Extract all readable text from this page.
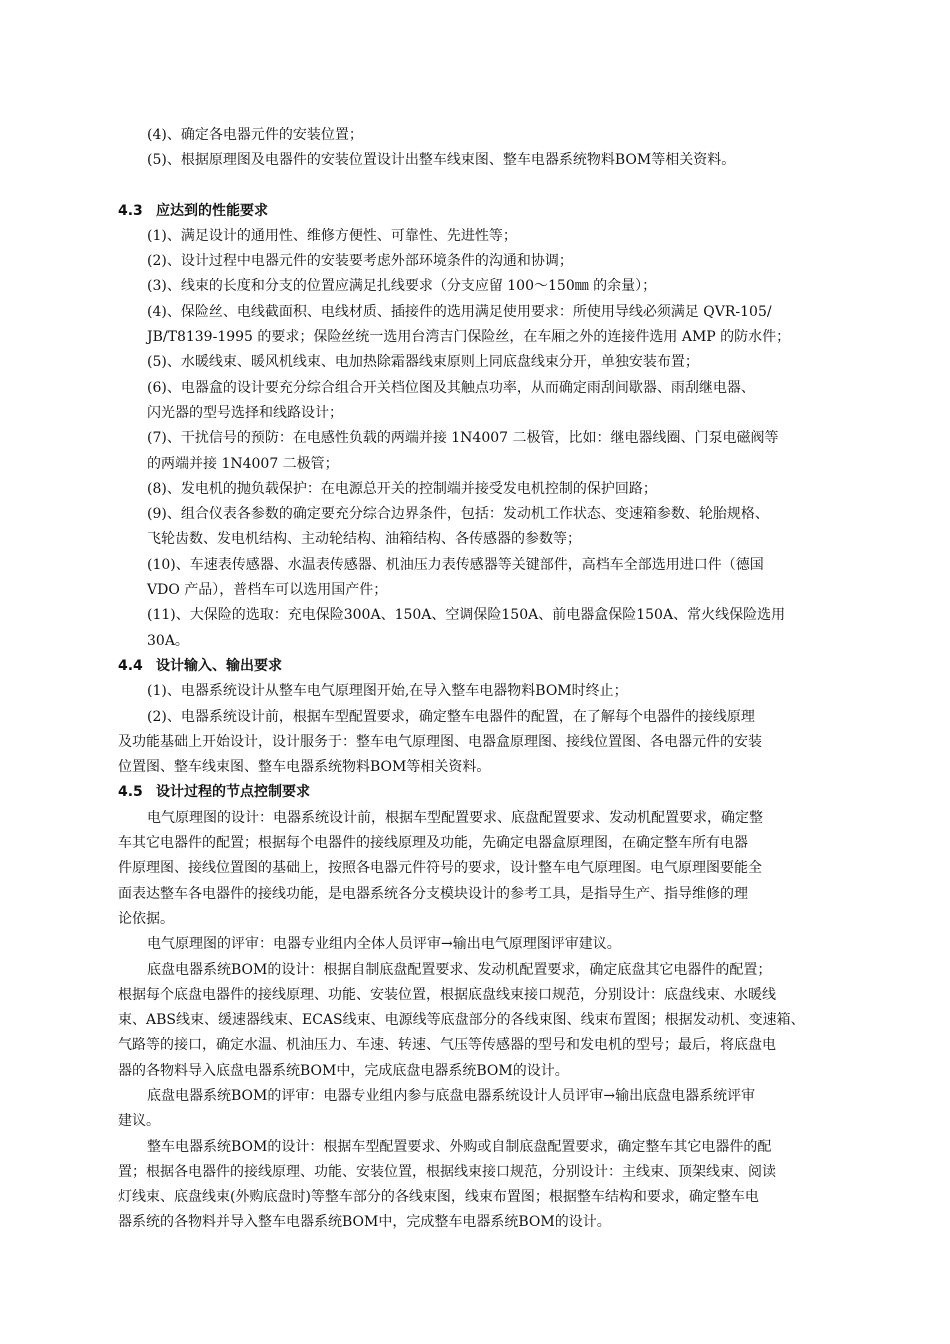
(4)、确定各电器元件的安装位置；
(5)、根据原理图及电器件的安装位置设计出整车线束图、整车电器系统物料BOM等相关资料。
4.3 应达到的性能要求
(1)、满足设计的通用性、维修方便性、可靠性、先进性等；
(2)、设计过程中电器元件的安装要考虑外部环境条件的沟通和协调；
(3)、线束的长度和分支的位置应满足扎线要求（分支应留 100～150㎜ 的余量）；
(4)、保险丝、电线截面积、电线材质、插接件的选用满足使用要求：所使用导线必须满足 QVR-105/
JB/T8139-1995 的要求；保险丝统一选用台湾吉门保险丝，在车厢之外的连接件选用 AMP 的防水件；
(5)、水暖线束、暖风机线束、电加热除霜器线束原则上同底盘线束分开，单独安装布置；
(6)、电器盒的设计要充分综合组合开关档位图及其触点功率，从而确定雨刮间歇器、雨刮继电器、
闪光器的型号选择和线路设计；
(7)、干扰信号的预防：在电感性负载的两端并接 1N4007 二极管，比如：继电器线圈、门泵电磁阀等
的两端并接 1N4007 二极管；
(8)、发电机的抛负载保护：在电源总开关的控制端并接受发电机控制的保护回路；
(9)、组合仪表各参数的确定要充分综合边界条件，包括：发动机工作状态、变速箱参数、轮胎规格、
飞轮齿数、发电机结构、主动轮结构、油箱结构、各传感器的参数等；
(10)、车速表传感器、水温表传感器、机油压力表传感器等关键部件，高档车全部选用进口件（德国
VDO 产品），普档车可以选用国产件；
(11)、大保险的选取：充电保险300A、150A、空调保险150A、前电器盒保险150A、常火线保险选用
30A。
4.4 设计输入、输出要求
(1)、电器系统设计从整车电气原理图开始,在导入整车电器物料BOM时终止；
(2)、电器系统设计前，根据车型配置要求，确定整车电器件的配置，在了解每个电器件的接线原理
及功能基础上开始设计，设计服务于：整车电气原理图、电器盒原理图、接线位置图、各电器元件的安装
位置图、整车线束图、整车电器系统物料BOM等相关资料。
4.5 设计过程的节点控制要求
电气原理图的设计：电器系统设计前，根据车型配置要求、底盘配置要求、发动机配置要求，确定整
车其它电器件的配置；根据每个电器件的接线原理及功能，先确定电器盒原理图，在确定整车所有电器
件原理图、接线位置图的基础上，按照各电器元件符号的要求，设计整车电气原理图。电气原理图要能全
面表达整车各电器件的接线功能，是电器系统各分支模块设计的参考工具，是指导生产、指导维修的理
论依据。
电气原理图的评审：电器专业组内全体人员评审→输出电气原理图评审建议。
底盘电器系统BOM的设计：根据自制底盘配置要求、发动机配置要求，确定底盘其它电器件的配置；
根据每个底盘电器件的接线原理、功能、安装位置，根据底盘线束接口规范，分别设计：底盘线束、水暖线
束、ABS线束、缓速器线束、ECAS线束、电源线等底盘部分的各线束图、线束布置图；根据发动机、变速箱、
气路等的接口，确定水温、机油压力、车速、转速、气压等传感器的型号和发电机的型号；最后，将底盘电
器的各物料导入底盘电器系统BOM中，完成底盘电器系统BOM的设计。
底盘电器系统BOM的评审：电器专业组内参与底盘电器系统设计人员评审→输出底盘电器系统评审
建议。
整车电器系统BOM的设计：根据车型配置要求、外购或自制底盘配置要求，确定整车其它电器件的配
置；根据各电器件的接线原理、功能、安装位置，根据线束接口规范，分别设计：主线束、顶架线束、阅读
灯线束、底盘线束(外购底盘时)等整车部分的各线束图，线束布置图；根据整车结构和要求，确定整车电
器系统的各物料并导入整车电器系统BOM中，完成整车电器系统BOM的设计。
